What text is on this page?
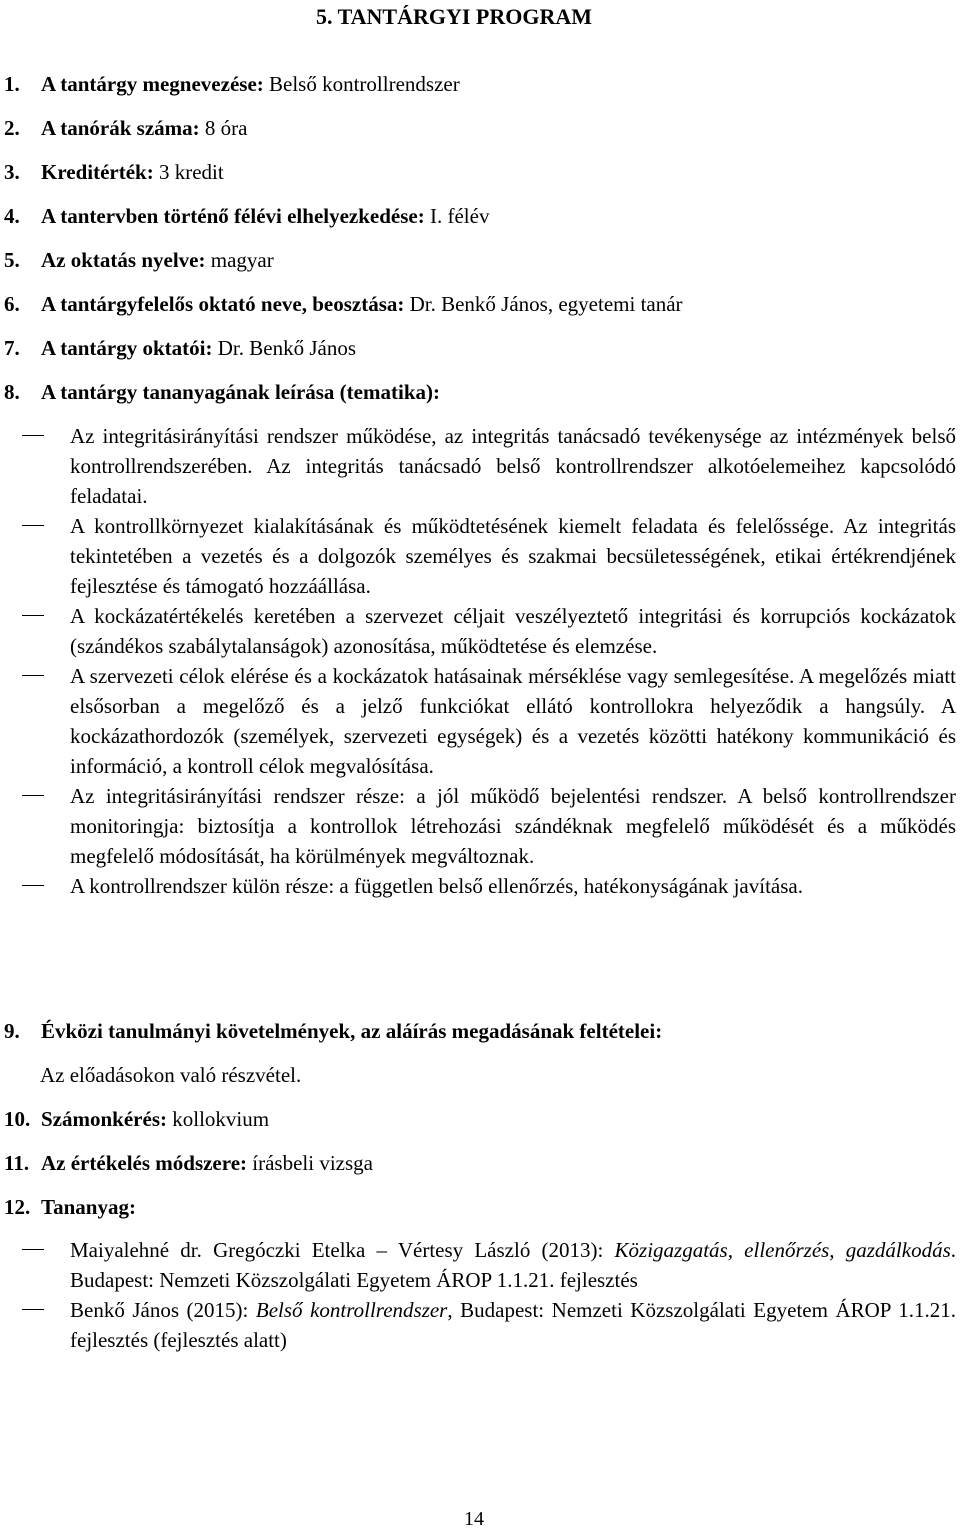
5. TANTÁRGYI PROGRAM
1. A tantárgy megnevezése: Belső kontrollrendszer
2. A tanórák száma: 8 óra
3. Kreditérték: 3 kredit
4. A tantervben történő félévi elhelyezkedése: I. félév
5. Az oktatás nyelve: magyar
6. A tantárgyfelelős oktató neve, beosztása: Dr. Benkő János, egyetemi tanár
7. A tantárgy oktatói: Dr. Benkő János
8. A tantárgy tananyagának leírása (tematika):
Az integritásirányítási rendszer működése, az integritás tanácsadó tevékenysége az intézmények belső kontrollrendszerében. Az integritás tanácsadó belső kontrollrendszer alkotóelemeihez kapcsolódó feladatai.
A kontrollkörnyezet kialakításának és működtetésének kiemelt feladata és felelőssége. Az integritás tekintetében a vezetés és a dolgozók személyes és szakmai becsületességének, etikai értékrendjének fejlesztése és támogató hozzáállása.
A kockázatértékelés keretében a szervezet céljait veszélyeztető integritási és korrupciós kockázatok (szándékos szabálytalanságok) azonosítása, működtetése és elemzése.
A szervezeti célok elérése és a kockázatok hatásainak mérséklése vagy semlegesítése. A megelőzés miatt elsősorban a megelőző és a jelző funkciókat ellátó kontrollokra helyeződik a hangsúly. A kockázathordozók (személyek, szervezeti egységek) és a vezetés közötti hatékony kommunikáció és információ, a kontroll célok megvalósítása.
Az integritásirányítási rendszer része: a jól működő bejelentési rendszer. A belső kontrollrendszer monitoringja: biztosítja a kontrollok létrehozási szándéknak megfelelő működését és a működés megfelelő módosítását, ha körülmények megváltoznak.
A kontrollrendszer külön része: a független belső ellenőrzés, hatékonyságának javítása.
9. Évközi tanulmányi követelmények, az aláírás megadásának feltételei:
Az előadásokon való részvétel.
10. Számonkérés: kollokvium
11. Az értékelés módszere: írásbeli vizsga
12. Tananyag:
Maiyalehné dr. Gregóczki Etelka – Vértesy László (2013): Közigazgatás, ellenőrzés, gazdálkodás. Budapest: Nemzeti Közszolgálati Egyetem ÁROP 1.1.21. fejlesztés
Benkő János (2015): Belső kontrollrendszer, Budapest: Nemzeti Közszolgálati Egyetem ÁROP 1.1.21. fejlesztés (fejlesztés alatt)
14
